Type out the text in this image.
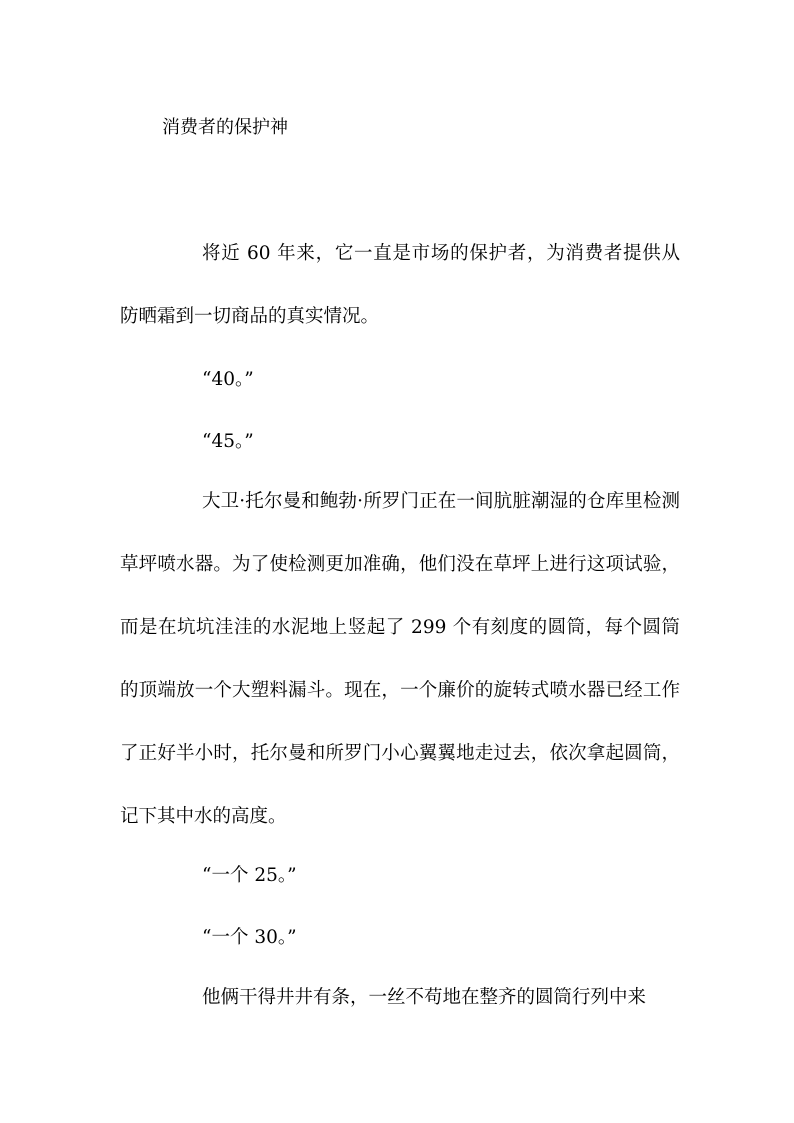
消费者的保护神
将近 60 年来，它一直是市场的保护者，为消费者提供从防晒霜到一切商品的真实情况。
“40。”
“45。”
大卫·托尔曼和鲍勃·所罗门正在一间肮脏潮湿的仓库里检测草坪喷水器。为了使检测更加准确，他们没在草坪上进行这项试验，而是在坑坑洼洼的水泥地上竖起了 299 个有刻度的圆筒，每个圆筒的顶端放一个大塑料漏斗。现在，一个廉价的旋转式喷水器已经工作了正好半小时，托尔曼和所罗门小心翼翼地走过去，依次拿起圆筒，记下其中水的高度。
“一个 25。”
“一个 30。”
他俩干得井井有条，一丝不苟地在整齐的圆筒行列中来
